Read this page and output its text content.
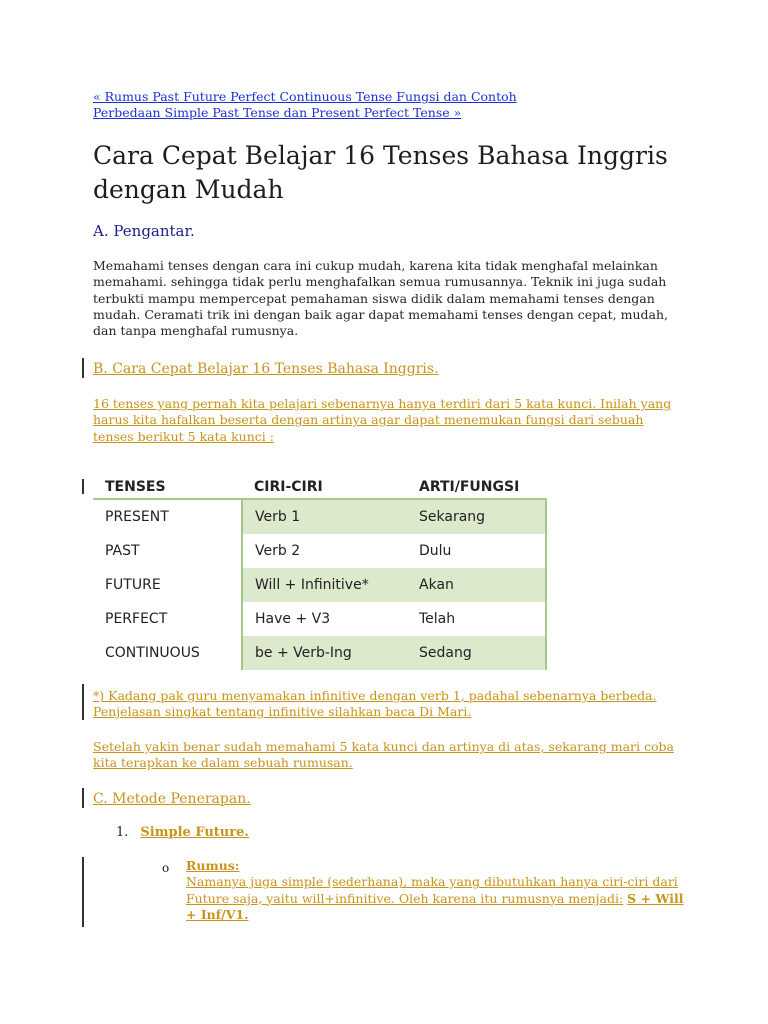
« Rumus Past Future Perfect Continuous Tense Fungsi dan Contoh
Perbedaan Simple Past Tense dan Present Perfect Tense »
Cara Cepat Belajar 16 Tenses Bahasa Inggris dengan Mudah
A. Pengantar.

Memahami tenses dengan cara ini cukup mudah, karena kita tidak menghafal melainkan memahami. sehingga tidak perlu menghafalkan semua rumusannya. Teknik ini juga sudah terbukti mampu mempercepat pemahaman siswa didik dalam memahami tenses dengan mudah. Ceramati trik ini dengan baik agar dapat memahami tenses dengan cepat, mudah, dan tanpa menghafal rumusnya.

B. Cara Cepat Belajar 16 Tenses Bahasa Inggris.

16 tenses yang pernah kita pelajari sebenarnya hanya terdiri dari 5 kata kunci. Inilah yang harus kita hafalkan beserta dengan artinya agar dapat menemukan fungsi dari sebuah tenses berikut 5 kata kunci :

TENSES	CIRI-CIRI	ARTI/FUNGSI
PRESENT	Verb 1	Sekarang
PAST	Verb 2	Dulu
FUTURE	Will + Infinitive*	Akan
PERFECT	Have + V3	Telah
CONTINUOUS	be + Verb-Ing	Sedang

*) Kadang pak guru menyamakan infinitive dengan verb 1, padahal sebenarnya berbeda. Penjelasan singkat tentang infinitive silahkan baca Di Mari.

Setelah yakin benar sudah memahami 5 kata kunci dan artinya di atas, sekarang mari coba kita terapkan ke dalam sebuah rumusan.

C. Metode Penerapan.

1. Simple Future.

o Rumus:
Namanya juga simple (sederhana), maka yang dibutuhkan hanya ciri-ciri dari Future saja, yaitu will+infinitive. Oleh karena itu rumusnya menjadi: S + Will + Inf/V1.
